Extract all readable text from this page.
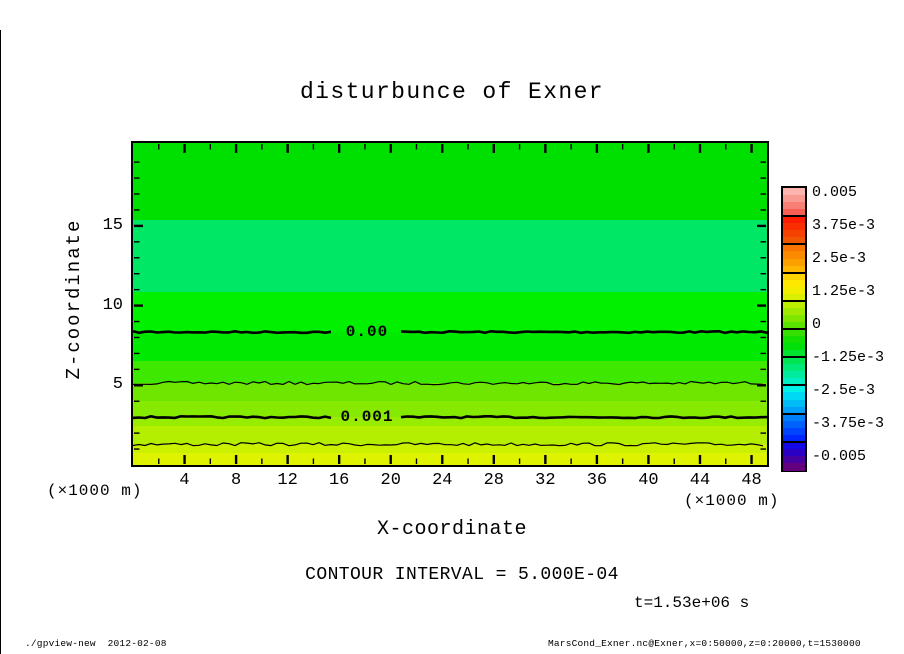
disturbunce of Exner
Z-coordinate	0.00
0.001
4	8	12	16	20	24	28	32	36	40	44	48
5
10
15
(×1000 m)
(×1000 m)
X-coordinate
CONTOUR INTERVAL = 5.000E-04
t=1.53e+06 s
0.005
3.75e-3
2.5e-3
1.25e-3
0
-1.25e-3
-2.5e-3
-3.75e-3
-0.005
./gpview-new  2012-02-08	MarsCond_Exner.nc@Exner,x=0:50000,z=0:20000,t=1530000
